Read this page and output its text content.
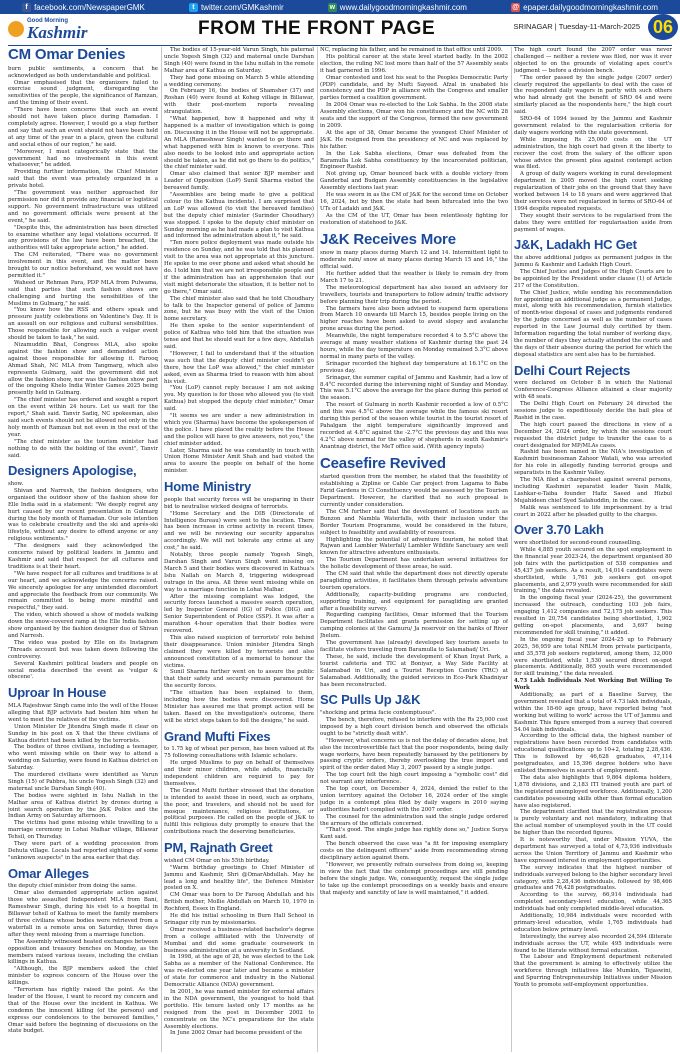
f facebook.com/NewspaperGMK	t twitter.com/GMKashmir	w www.dailygoodmorningkashmir.com	@ epaper.dailygoodmorningkashmir.com
Good Morning
Kashmir	FROM THE FRONT PAGE	SRINAGAR | Tuesday-11-March-2025 06
CM Omar Denies

burn public sentiments, a concern that he acknowledged as both understandable and political.

Omar emphasised that the organizers failed to exercise sound judgment, disregarding the sensitivities of the people, the significance of Ramzan, and the timing of their event.

"There have been concerns that such an event should not have taken place during Ramadan. I completely agree. However, I would go a step further and say that such an event should not have been held at any time of the year in a place, given the cultural and social ethos of our region," he said.

"Moreover, I must categorically state that the government had no involvement in this event whatsoever," he added.

Providing further information, the Chief Minister said that the event was privately organized in a private hotel.

"The government was neither approached for permission nor did it provide any financial or logistical support. No government infrastructure was utilized and no government officials were present at the event," he said.

"Despite this, the administration has been directed to examine whether any legal violations occurred. If any provisions of the law have been breached, the authorities will take appropriate action," he added.

The CM reiterated, "There was no government involvement in this event, and the matter been brought to our notice beforehand, we would not have permitted it."

Waheed ur Rehman Para, PDP MLA from Pulwama, said that parties that such fashion shows are challenging and hurting the sensibilities of the Muslims in Gulmarg," he said.

"You know how the RSS and others speak and pressure justify celebrations on Valentine's Day. It is an assault on our religious and cultural sensibilities. Those responsible for allowing such a vulgar event should be taken to task," he said.

Nizamuddin Bhat, Congress MLA, also spoke against the fashion show and demanded action against those responsible for allowing it. Farooq Ahmad Shah, NC MLA from Tangmarg, which also represents Gulmarg, said the government did not allow the fashion show, nor was the fashion show part of the ongoing Khelo India Winter Games 2025 being presently held in Gulmarg.

"The chief minister has ordered and sought a report on the event within 24 hours. Let us wait for the report," Shah said. Tanvir Sadiq, NC spokesman, also said such events should not be allowed not only in the holy month of Ramzan but not even in the rest of the year.

"The chief minister as the tourism minister had nothing to do with the holding of the event", Tanvir said.

Designers Apologise,

show.

Shivan and Narresh, the fashion designers, who organised the outdoor show of the fashion show for Elle India said in a statement: "We deeply regret any hurt caused by our recent presentation in Gulmarg during the holy month of Ramadan. Our sole intention was to celebrate creativity and the ski and aprés-ski lifestyle, without any desire to offend anyone or any religious sentiments."

"The designers said they acknowledged the concerns raised by political leaders in Jammu and Kashmir and said that respect for all cultures and traditions is at their heart.

"We have respect for all cultures and traditions is at our heart, and we acknowledge the concerns raised. We sincerely apologise for any unintended discomfort and appreciate the feedback from our community. We remain committed to being more mindful and respectful," they said.

The video, which showed a show of models walking down the snow-covered ramp at the Elle India fashion show organised by the fashion designer duo of Shivan and Narresh.

The video was posted by Elle on its Instagram 'Threads account but was taken down following the controversy.

Several Kashmiri political leaders and people on social media described the event as 'vulgar & obscene'.

Uproar In House

MLA Rajeshwar Singh came into the well of the House alleging that BJP activists had beaten him when he went to meet the relatives of the victims.

Union Minister Dr Jitendra Singh made it clear on Sunday in his post on X that the three civilians of Kathua district had been killed by the terrorists.

The bodies of three civilians, including a teenager, who went missing while on their way to attend a wedding on Saturday, were found in Kathua district on Saturday.

The murdered civilians were identified as Varun Singh (15) of Pabbra, his uncle Yogesh Singh (32) and maternal uncle Darshan Singh (40).

The bodies were sighted in Ishu Nallah in the Malhar area of Kathua district by drones during a joint search operation by the J&K Police and the Indian Army on Saturday afternoon.

The victims had gone missing while travelling to a marriage ceremony in Lohai Malhar village, Billawar Tehsil, on Thursday.

They were part of a wedding procession from Dehuta village. Locals had reported sightings of some "unknown suspects" in the area earlier that day.

Omar Alleges

the deputy chief minister from doing the same.

Omar also demanded appropriate action against those who assaulted Independent MLA from Bani, Rameshwar Singh, during his visit to a hospital in Billawar tehsil of Kathua to meet the family members of three civilians whose bodies were retrieved from a waterfall in a remote area on Saturday, three days after they went missing from a marriage function.

The Assembly witnessed heated exchanges between opposition and treasury benches on Monday, as the members raised various issues, including the civilian killings in Kathua.

"Although, the BJP members asked the chief minister to express concern of the House over the killings.

"Terrorism has rightly raised the point. As the leader of the House, I want to record my concern and that of the House over the incident in Kathua. We condemn the innocent killing (of the persons) and express our condolences to the bereaved families," Omar said before the beginning of discussions on the state budget.

The bodies of 15-year-old Varun Singh, his paternal uncle Yogesh Singh (32) and maternal uncle Darshan Singh (40) were found in the Ishu nullah in the remote Malhar area of Kathua on Saturday.

They had gone missing on March 5 while attending a wedding ceremony.

On February 16, the bodies of Shamsher (37) and Roshan (40) were found at Koheg village in Billawar, with their post-mortem reports revealing strangulation.

"What happened, how it happened and why it happened is a matter of investigation which is going on. Discussing it in the House will not be appropriate. An MLA (Rameshwar Singh) wanted to go there and what happened with him is known to everyone. This also needs to be looked into and appropriate action should be taken, as he did not go there to do politics," the chief minister said.

Omar also claimed that senior BJP member and Leader of Opposition (LoP) Sunil Sharma visited the bereaved family.

"Assemblies are being made to give a political colour (to the Kathua incidents). I am surprised that an LoP was allowed (to visit the bereaved families) but the deputy chief minister (Surinder Choudhary) was stopped. I spoke to the deputy chief minister on Sunday morning as he had made a plan to visit Kathua and informed the administration about it," he said.

"Ten more police deployment was made outside his residence on Sunday, and he was told that his planned visit to the area was not appropriate at this juncture. He spoke to me over phone and asked what should he do. I told him that we are not irresponsible people and if the administration has an apprehension that our visit might deteriorate the situation, it is better not to go there," Omar said.

The chief minister also said that he told Choudhary to talk to the Inspector general of police of Jammu zone, but he was busy with the visit of the Union home secretary.

He then spoke to the senior superintendent of police of Kathua who told him that the situation was tense and that he should wait for a few days, Abdullah said.

"However, I fail to understand that if the situation was such that the deputy chief minister couldn't go there, how the LoP was allowed," the chief minister asked, even as Sharma tried to reason with him about his visit.

"You (LoP) cannot reply because I am not asking you. My question is for those who allowed you (to visit Kathua) but stopped the deputy chief minister," Omar said.

"It seems we are under a new administration in which you (Sharma) have become the spokesperson of the police. I have placed the reality before the House and the police will have to give answers, not you," the chief minister added.

Later, Sharma said he was constantly in touch with Union Home Minister Amit Shah and had visited the area to assure the people on behalf of the home minister.

Home Ministry

people that security forces will be unsparing in their bid to neutralise wicked designs of terrorists.

"Home Secretary and the DIB (Directorate of Intelligence Bureau) were sent to the location. There has been increase in crime activity in recent times, and we will be reviewing our security apparatus accordingly. We will not tolerate any crime at any cost," he said.

Notably, three people namely Yogesh Singh, Darshan Singh and Varun Singh went missing on March 5 and their bodies were discovered in Kathua's Ishu Nallah on March 8, triggering widespread outrage in the area. All three went missing while on way to a marriage function in Lohai Malhar.

After the missing complaint was lodged, the security forces launched a massive search operation, led by Inspector General (IG) of Police (DIG) and Senior Superintendent of Police (SSP). It was after a marathon 4-hour operation that their bodies were recovered.

This also raised suspicion of terrorists' role behind their disappearance. Union minister Jitendra Singh claimed they were killed by terrorists and also announced constitution of a memorial to honour the victims.

Sunil Sharma further went on to assure the public that their safety and security remain paramount for the security forces.

"The situation has been explained to them, including how the bodies were discovered. Home Minister has assured me that prompt action will be taken. Based on the investigation's outcome, there will be strict steps taken to foil the designs," he said.

Grand Mufti Fixes

to 1.75 kg of wheat per person, has been valued at Rs 75 following consultations with Islamic scholars.

He urged Muslims to pay on behalf of themselves and their minor children, while adults, financially independent children are required to pay for themselves.

The Grand Mufti further stressed that the donation is intended to assist those in need, such as orphans, the poor, and travelers, and should not be used for mosque maintenance, religious institutions, or political purposes. He called on the people of J&K to fulfill this religious duty promptly to ensure that the contributions reach the deserving beneficiaries.

PM, Rajnath Greet

wished CM Omar on his 55th birthday.

"Warm birthday greetings to Chief Minister of Jammu and Kashmir, Shri @OmarAbdullah. May he lead a long and healthy life", the Defence Minister posted on X.

CM Omar was born to Dr Farooq Abdullah and his British mother, Mollie Abdullah on March 10, 1970 in Rochford, Essex in England.

He did his initial schooling in Burn Hall School in Srinagar city run by missionaries.

Omar received a business-related bachelor's degree from a college affiliated with the University of Mumbai and did some graduate coursework in business administration at a university in Scotland.

In 1998, at the age of 28, he was elected to the Lok Sabha as a member of the National Conference. He was re-elected one year later and became a minister of state for commerce and industry in the National Democratic Alliance (NDA) government.

In 2001, he was named minister for external affairs in the NDA government, the youngest to hold that portfolio. His tenure lasted only 17 months as he resigned from the post in December 2002 to concentrate on the NC's preparations for the state Assembly elections.

In June 2002 Omar had become president of the

NC, replacing his father, and he remained in that office until 2009.

His political career at the state level started badly. In the 2002 election, the ruling NC lost more than half of the 57 Assembly seats it had garnered in 1996.

Omar contested and lost his seat to the Peoples Democratic Party (PDP) candidate, and by Mufti Sayeed. Afzal in unabated his consistency and the PDP in alliance with the Congress and smaller parties formed a coalition government.

In 2004 Omar was re-elected to the Lok Sabha. In the 2008 state Assembly elections, Omar won his constituency and the NC with 28 seats and the support of the Congress, formed the new government in 2009.

At the age of 38, Omar became the youngest Chief Minister of J&K. He resigned from the presidency of NC and was replaced by his father.

In the Lok Sabha elections, Omar was defeated from the Baramulla Lok Sabha constituency by the incarcerated politician, Engineer Rashid.

Not giving up, Omar bounced back with a double victory from Ganderbal and Budgam Assembly constituencies in the legislative Assembly elections last year.

He was sworn in as the CM of J&K for the second time on October 16, 2024, but by then the state had been bifurcated into the two UTs of Ladakh and J&K.

As the CM of the UT, Omar has been relentlessly fighting for restoration of statehood to J&K.

J&K Receives More

snow in many places during March 12 and 14. Intermittent light to moderate rain/ snow at many places during March 15 and 16," the official said.

He further added that the weather is likely to remain dry from March 17 to 21.

The meteorological department has also issued an advisory for travellers, tourists and transporters to follow admin/ traffic advisory before planning their trip during the period.

The farmers have also been advised to suspend farm operations from March 10 onwards till March 15, besides people living on the higher reaches have been asked to avoid slopey and avalanche prone areas during the period.

Meanwhile, the night temperature recorded 4 to 5.5°C above the average at many weather stations of Kashmir during the past 24 hours, while the day temperature on Monday remained 5.3°C above normal in many parts of the valley.

Srinagar recorded the highest day temperature at 16.1°C on the previous day.

Srinagar, the summer capital of Jammu and Kashmir, had a low of 8.4°C recorded during the intervening night of Sunday and Monday. This was 5.1°C above the average for the place during this period of the season.

The resort of Gulmarg in north Kashmir recorded a low of 0.5°C and this was 4.5°C above the average while the famous ski resort during this period of the season while tourist in the tourist resort of Pahalgam the night temperature significantly improved and recorded at 4.8°C against the -2.7°C the previous day and this was 4.2°C above normal for the valley of shepherds in south Kashmir's Anantnag district, the MeT office said. (With agency inputs)

Ceasefire Revived

started question from the member, he stated that the feasibility of establishing a Zipline or Cable Car project from Lagama to Baba Farid Gardens in Cl Constituency would be assessed by the Tourism Department. However, he clarified that no such proposal is currently under consideration.

The CM further said that the development of locations such as Bunzon and Nambla Waterfalls, with their inclusion under the Border Tourism Programme, would be considered in the future, subject to feasibility and availability of resources.

Highlighting the potential of adventure tourism, he noted that Rajwan and Lambler Waterfall/ Lambler Wildlife Sanctuary are well known for attractive adventure enthusiasts.

The Tourism Department has undertaken several initiatives for the holistic development of these areas, he said.

The CM said that while the department does not directly operate paragliding activities, it facilitates them through private adventure tourism operators.

Additionally, capacity-building programs are conducted, supporting training, and equipment for paragliding are granted after a feasibility survey.

Regarding camping facilities, Omar informed that the Tourism Department facilitates and grants permission for setting up of camping colonies at the Gamuru/ Ja reservoir on the banks of River Jhelum.

The government has (already) developed key tourism assets to facilitate visitors traveling from Baramulla to Salamabad/ Uri.

These, he said, include the development of Khan Inyat Park, a tourist cafeteria and TIC at Boniyar, a Way Side Facility at Salamabad in Uri, and a Tourist Reception Centre (TRC) at Salamabad. Additionally, the guided services in Eco-Park Khadniyar has been reconstructed.

SC Pulls Up J&K

"shocking and prima facie contemptuous".

The bench, therefore, refused to interfere with the Rs 25,000 cost imposed by a high court division bench and observed the officials ought to be "strictly dealt with".

"However, what concerns us is not the delay of decades alone, but also the incontrovertible fact that the poor respondents, being daily wage workers, have been repeatedly harassed by the petitioners by passing cryptic orders, thereby overlooking the true import and spirit of the order dated May 3, 2007 passed by a single judge.

The top court felt the high court imposing a "symbolic cost" did not warrant any interference.

The top court, on December 4, 2024, denied the relief to the union territory against the October 16, 2024 order of the single judge in a contempt plea filed by daily wagers in 2010 saying authorities hadn't complied with the 2007 order.

The counsel for the administration said the single judge ordered the arrears of the officials concerned.

"That's good. The single judge has rightly done so," Justice Surya Kant said.

The bench observed the case was "a fit for imposing exemplary costs on the delinquent officers" aside from recommending strong disciplinary action against them.

"However, we presently refrain ourselves from doing so, keeping in view the fact that the contempt proceedings are still pending before the single judge. We, consequently, request the single judge to take up the contempt proceedings on a weekly basis and ensure that majesty and sanctity of law is well maintained," it added.

The high court found the 2007 order was never challenged — neither a review was filed, nor was it ever objected to on the grounds of violating apex court's judgment — before a division bench.

"The order passed by the single judge (2007 order) clearly required the appellants to deal with the case of the respondent daily wagers in parity with such others who had already got the benefit of SRO 64 and were similarly placed as the respondents here," the high court said.

SRO-64 of 1994 issued by the Jammu and Kashmir government related to the regularisation criteria for daily wagers working with the state government.

While imposing Rs 25,000 costs on the UT administration, the high court had given it the liberty to recover the cost from the salary of the officer upon whose advice the present plea against contempt action was filed.

A group of daily wagers working in rural development department in 2005 moved the high court seeking regularization of their jobs on the ground that they have worked between 14 to 18 years and were aggrieved that their services were not regularized in terms of SRO-64 of 1994 despite repeated requests.

They sought their services to be regularised from the dates they were entitled for regularisation aside from payment of wages.

J&K, Ladakh HC Get

the above additional judges as permanent judges in the Jammu & Kashmir and Ladakh High Court.

The Chief Justice and Judges of the High Courts are to be appointed by the President under clause (1) of Article 217 of the Constitution.

The Chief Justice, while sending his recommendation for appointing an additional judge as a permanent Judge, must, along with his recommendation, furnish statistics of month-wise disposal of cases and judgments rendered by the judge concerned as well as the number of cases reported in the Law Journal duly certified by them. Information regarding the total number of working days, the number of days they actually attended the courts and the days of their absence during the period for which the disposal statistics are sent also has to be furnished.

Delhi Court Rejects

were declared on October 8 in which the National Conference-Congress Alliance attained a clear majority with 48 seats.

The Delhi High Court on February 24 directed the sessions judge to expeditiously decide the bail plea of Rashid in the case.

The high court passed the directions in view of a December 24, 2024 order, by which the sessions court requested the district judge to transfer the case to a court designated for MP/MLAs cases.

Rashid has been named in the NIA's investigation of Kashmiri businessman Zahoor Watali, who was arrested for his role in allegedly funding terrorist groups and separatists in the Kashmir Valley.

The NIA filed a chargesheet against several persons, including Kashmiri separatist leader Yasin Malik, Lashkar-e-Taiba founder Hafiz Saeed and Hizbul Mujahideen chief Syed Salahuddin, in the case.

Malik was sentenced to life imprisonment by a trial court in 2022 after he pleaded guilty to the charges.

Over 3.70 Lakh

were shortlisted for second-round counselling.

While 4,885 youth secured on the spot employment in the financial year 2023-24, the department organised 80 job fairs with the participation of 538 companies and 45,437 job seekers. As a result, 14,014 candidates were shortlisted, while 1,761 job seekers got on-spot placements, and 2,979 youth were recommended for skill training," the data revealed.

In the ongoing fiscal year (2024-25), the government increased the outreach, conducting 103 job fairs, engaging 1,412 companies and 72,175 job seekers. This resulted in 20,754 candidates being shortlisted, 1,902 getting on-spot placements, and 3,697 being recommended for skill training," it added.

In the ongoing fiscal year 2024-25 up to February 2025, 56,959 are total NRLM from private participants, and 35,578 job seekers registered, among them, 32,000 were shortlisted, while 1,530 secured direct on-spot placements. Additionally, 865 youth were recommended for skill training," the data revealed.

4.73 Lakh Individuals Not Working But Willing To Work

Additionally, as part of a Baseline Survey, the government revealed that a total of 4.73 lakh individuals, within the 18-60 age group, have reported being "not working but willing to work" across the UT of Jammu and Kashmir. This figure emerged from a survey that covered 54.04 lakh individuals.

According to the official data, the highest number of registrations have been recorded from candidates with educational qualifications up to 10+2, totaling 2,28,436. This is followed by 46,628 graduates, 47,114 postgraduates, and 15,396 degree holders who have enlisted themselves in search of employment.

The data also highlights that 9,864 diploma holders, 1,878 divisions, and 2,183 ITI trained youth are part of the registered unemployed workforce. Additionally, 1,200 candidates possessing skills other than formal education have also registered.

The department clarified that the registration process is purely voluntary and not mandatory, indicating that the actual number of unemployed youth in the UT could be higher than the recorded figures.

It is noteworthy that, under Mission YUVA, the department has surveyed a total of 4,73,936 individuals across the Union Territory of Jammu and Kashmir who have expressed interest in employment opportunities.

The survey indicates that the highest number of individuals surveyed belong to the higher secondary level category, with 2,28,436 individuals, followed by 98,466 graduates and 76,428 postgraduates.

According to the survey, 66,914 individuals had completed secondary-level education, while 44,365 individuals had only completed middle-level education.

Additionally, 10,984 individuals were recorded with primary-level education, while 1,765 individuals had education below primary level.

Interestingly, the survey also recorded 24,594 illiterate individuals across the UT, while 495 individuals were found to be literate without formal education.

The Labour and Employment department reiterated that the government is aiming to effectively utilize the workforce through initiatives like Mumkin, Tejaswini, and Spurring Entrepreneurship Initiatives under Mission Youth to promote self-employment opportunities.
